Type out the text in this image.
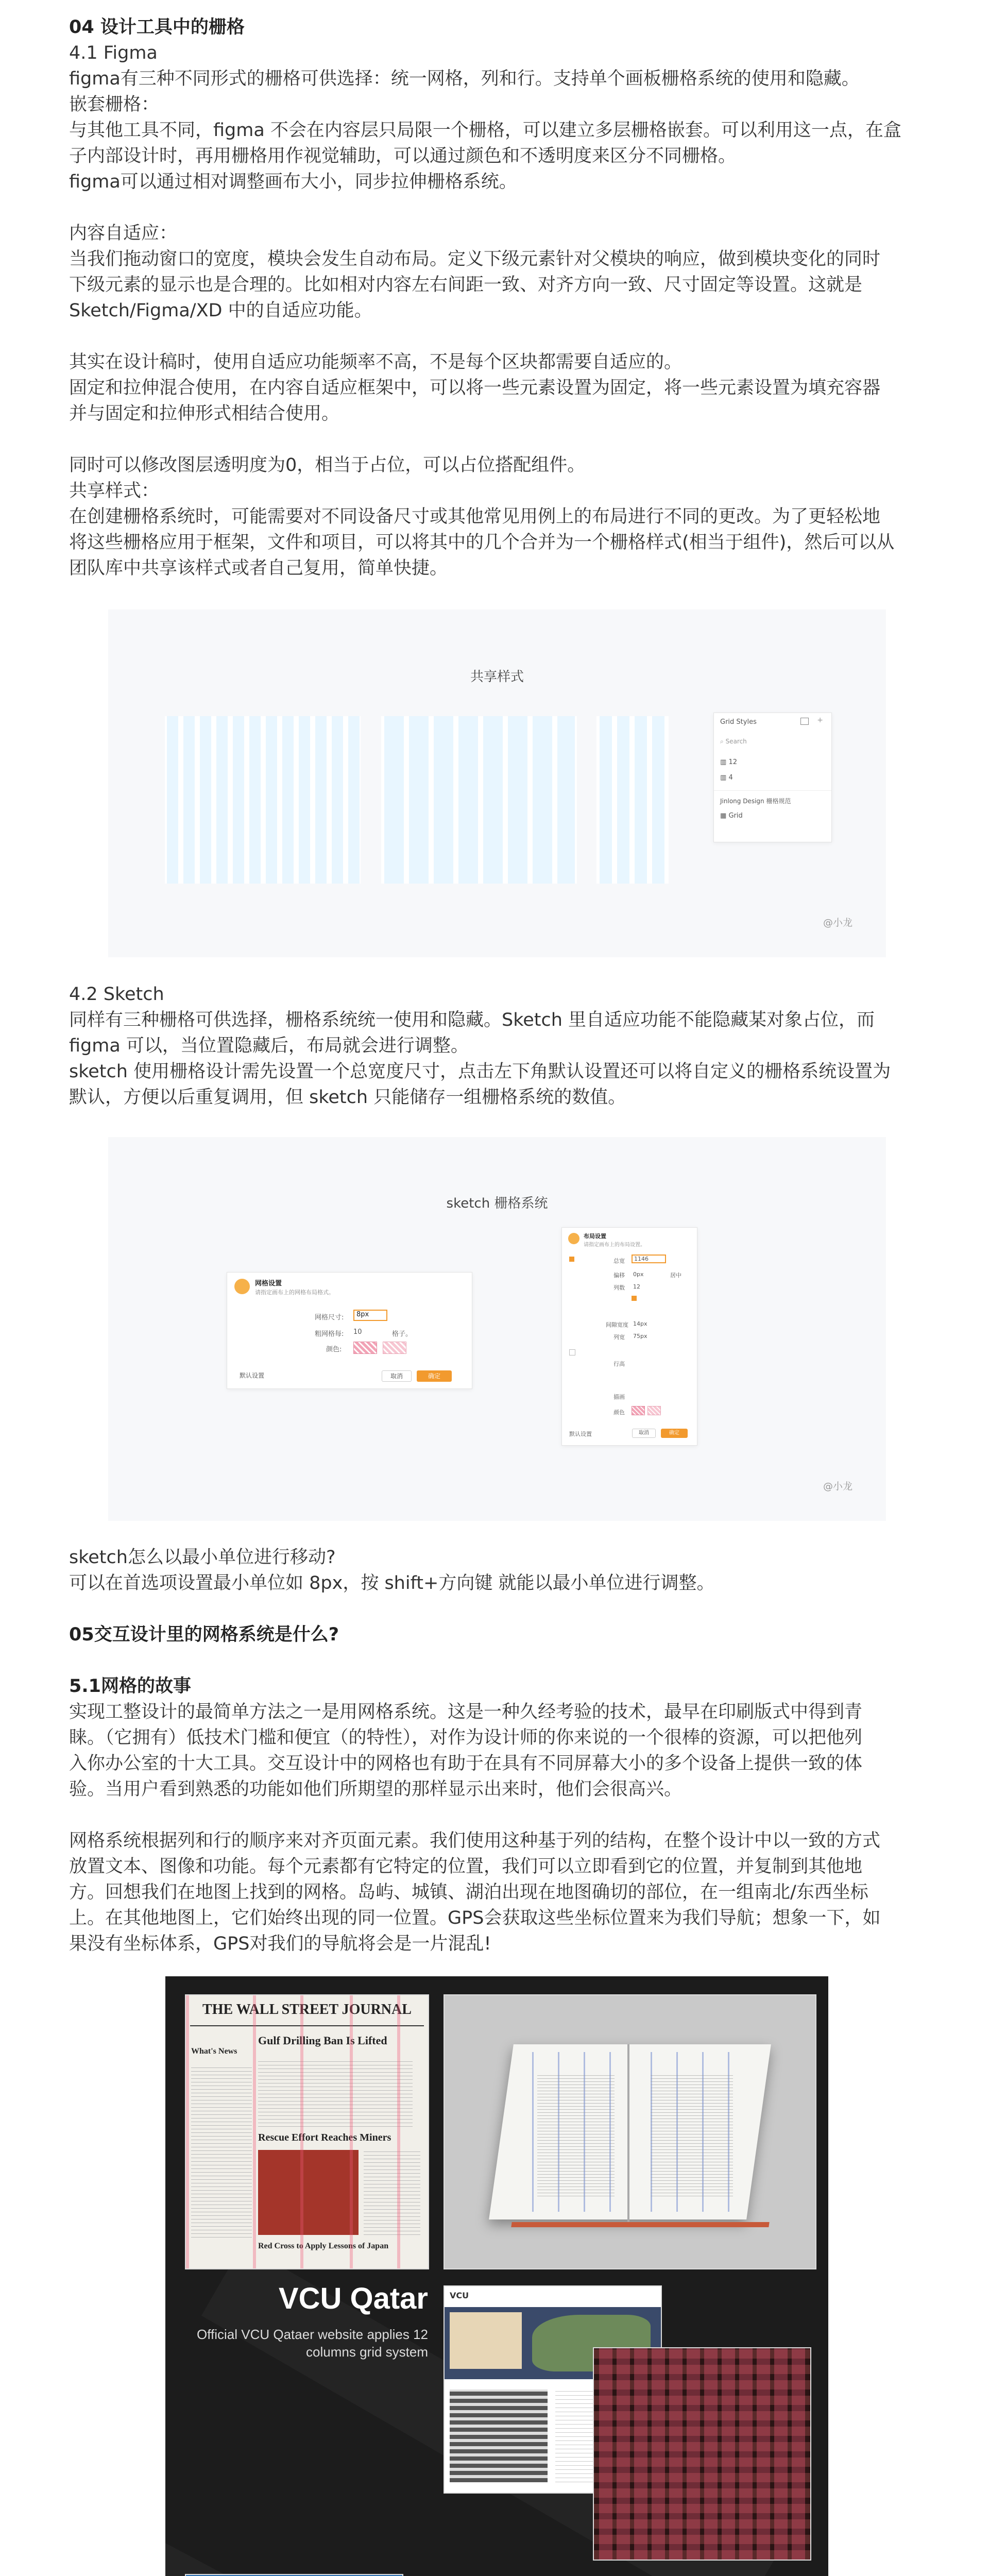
04 设计工具中的栅格

4.1 Figma

figma有三种不同形式的栅格可供选择：统一网格，列和行。支持单个画板栅格系统的使用和隐藏。

嵌套栅格：

与其他工具不同，figma 不会在内容层只局限一个栅格，可以建立多层栅格嵌套。可以利用这一点，在盒

子内部设计时，再用栅格用作视觉辅助，可以通过颜色和不透明度来区分不同栅格。

figma可以通过相对调整画布大小，同步拉伸栅格系统。

内容自适应：

当我们拖动窗口的宽度，模块会发生自动布局。定义下级元素针对父模块的响应，做到模块变化的同时

下级元素的显示也是合理的。比如相对内容左右间距一致、对齐方向一致、尺寸固定等设置。这就是

Sketch/Figma/XD 中的自适应功能。

其实在设计稿时，使用自适应功能频率不高，不是每个区块都需要自适应的。

固定和拉伸混合使用，在内容自适应框架中，可以将一些元素设置为固定，将一些元素设置为填充容器

并与固定和拉伸形式相结合使用。

同时可以修改图层透明度为0，相当于占位，可以占位搭配组件。

共享样式：

在创建栅格系统时，可能需要对不同设备尺寸或其他常见用例上的布局进行不同的更改。为了更轻松地

将这些栅格应用于框架，文件和项目，可以将其中的几个合并为一个栅格样式(相当于组件)，然后可以从

团队库中共享该样式或者自己复用，简单快捷。

共享样式
Grid Styles	+
⌕ Search
▥ 12
▥ 4
Jinlong Design 栅格规范
▦ Grid
@小龙

4.2 Sketch

同样有三种栅格可供选择，栅格系统统一使用和隐藏。Sketch 里自适应功能不能隐藏某对象占位，而

figma 可以，当位置隐藏后，布局就会进行调整。

sketch 使用栅格设计需先设置一个总宽度尺寸，点击左下角默认设置还可以将自定义的栅格系统设置为

默认，方便以后重复调用，但 sketch 只能储存一组栅格系统的数值。

sketch 栅格系统
网格设置
请指定画布上的网格布局格式。
网格尺寸:	8px
粗网格每: 10	格子。
颜色:
默认设置	取消	确定
布局设置
请指定画布上的布局设置。
总宽	1146
偏移 0px	居中
列数 12
间隙宽度 14px
列宽 75px
行高
描画
颜色
默认设置	取消	确定
@小龙

sketch怎么以最小单位进行移动?

可以在首选项设置最小单位如 8px，按 shift+方向键 就能以最小单位进行调整。

05交互设计里的网格系统是什么?

5.1网格的故事

实现工整设计的最简单方法之一是用网格系统。这是一种久经考验的技术，最早在印刷版式中得到青

睐。（它拥有）低技术门槛和便宜（的特性），对作为设计师的你来说的一个很棒的资源，可以把他列

入你办公室的十大工具。交互设计中的网格也有助于在具有不同屏幕大小的多个设备上提供一致的体

验。当用户看到熟悉的功能如他们所期望的那样显示出来时，他们会很高兴。

网格系统根据列和行的顺序来对齐页面元素。我们使用这种基于列的结构，在整个设计中以一致的方式

放置文本、图像和功能。每个元素都有它特定的位置，我们可以立即看到它的位置，并复制到其他地

方。回想我们在地图上找到的网格。岛屿、城镇、湖泊出现在地图确切的部位，在一组南北/东西坐标

上。在其他地图上，它们始终出现的同一位置。GPS会获取这些坐标位置来为我们导航；想象一下，如

果没有坐标体系，GPS对我们的导航将会是一片混乱!

THE WALL STREET JOURNAL
What's News
Gulf Drilling Ban Is Lifted
Rescue Effort Reaches Miners
Red Cross to Apply Lessons of Japan
VCU Qatar
Official VCU Qataer website applies 12 columns grid system
VCU
